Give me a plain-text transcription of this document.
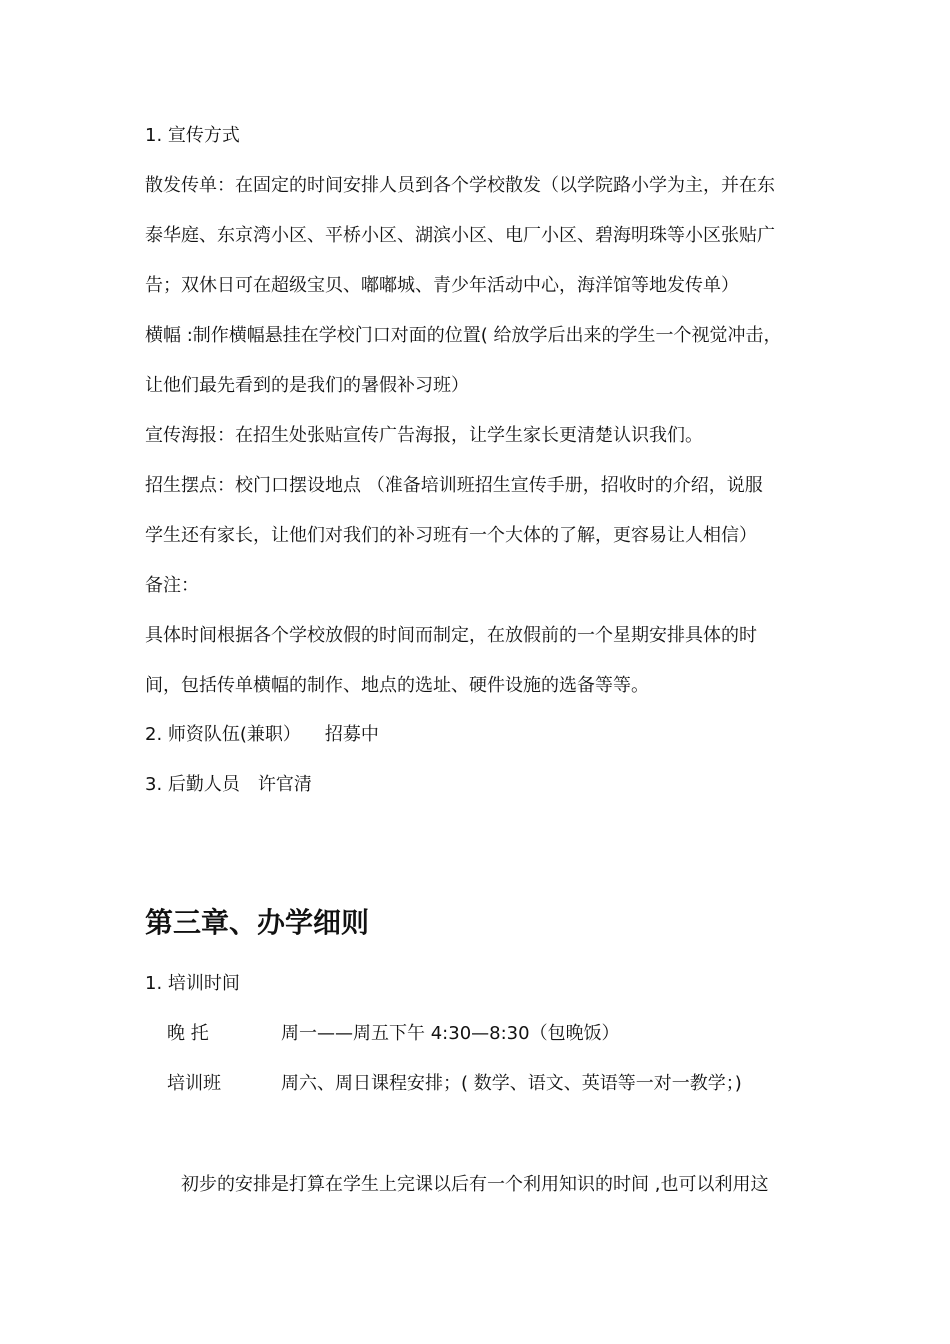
1. 宣传方式
散发传单：在固定的时间安排人员到各个学校散发（以学院路小学为主，并在东
泰华庭、东京湾小区、平桥小区、湖滨小区、电厂小区、碧海明珠等小区张贴广
告；双休日可在超级宝贝、嘟嘟城、青少年活动中心，海洋馆等地发传单）
横幅 :制作横幅悬挂在学校门口对面的位置( 给放学后出来的学生一个视觉冲击，
让他们最先看到的是我们的暑假补习班）
宣传海报：在招生处张贴宣传广告海报，让学生家长更清楚认识我们。
招生摆点：校门口摆设地点 （准备培训班招生宣传手册，招收时的介绍，说服
学生还有家长，让他们对我们的补习班有一个大体的了解，更容易让人相信）
备注：
具体时间根据各个学校放假的时间而制定，在放假前的一个星期安排具体的时
间，包括传单横幅的制作、地点的选址、硬件设施的选备等等。
2. 师资队伍(兼职） 招募中
3. 后勤人员 许官清
第三章、办学细则
1. 培训时间
晚 托	周一——周五下午 4:30—8:30（包晚饭）
培训班	周六、周日课程安排；( 数学、语文、英语等一对一教学；)
初步的安排是打算在学生上完课以后有一个利用知识的时间 ,也可以利用这
